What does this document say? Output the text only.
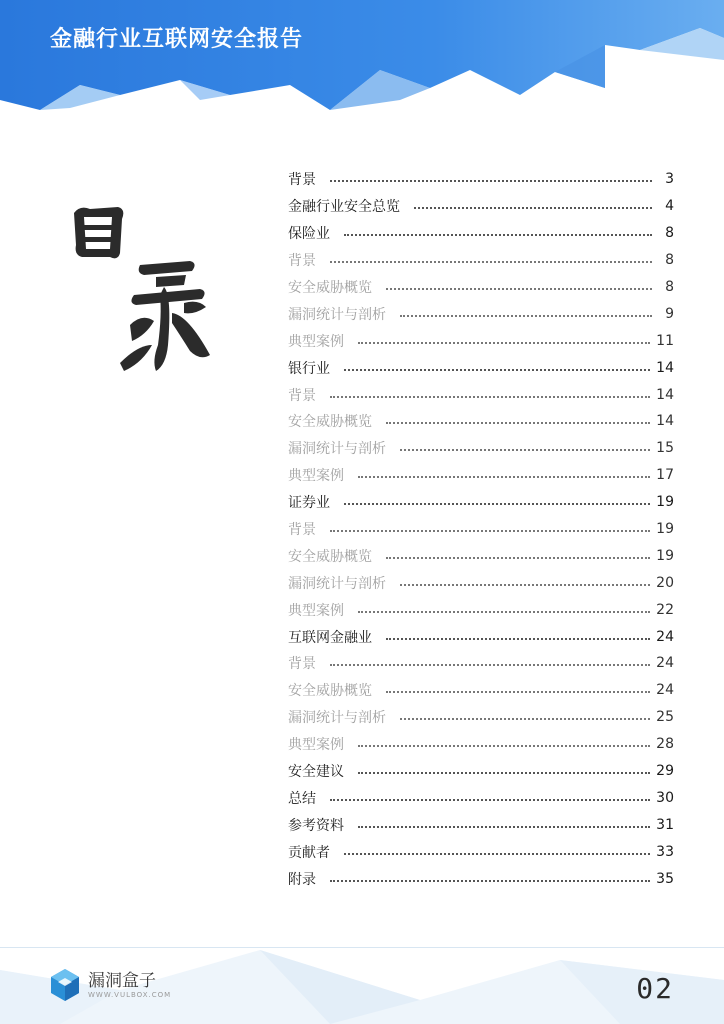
金融行业互联网安全报告
背景	3
金融行业安全总览	4
保险业	8
背景	8
安全威胁概览	8
漏洞统计与剖析	9
典型案例	11
银行业	14
背景	14
安全威胁概览	14
漏洞统计与剖析	15
典型案例	17
证券业	19
背景	19
安全威胁概览	19
漏洞统计与剖析	20
典型案例	22
互联网金融业	24
背景	24
安全威胁概览	24
漏洞统计与剖析	25
典型案例	28
安全建议	29
总结	30
参考资料	31
贡献者	33
附录	35
漏洞盒子
WWW.VULBOX.COM	02
